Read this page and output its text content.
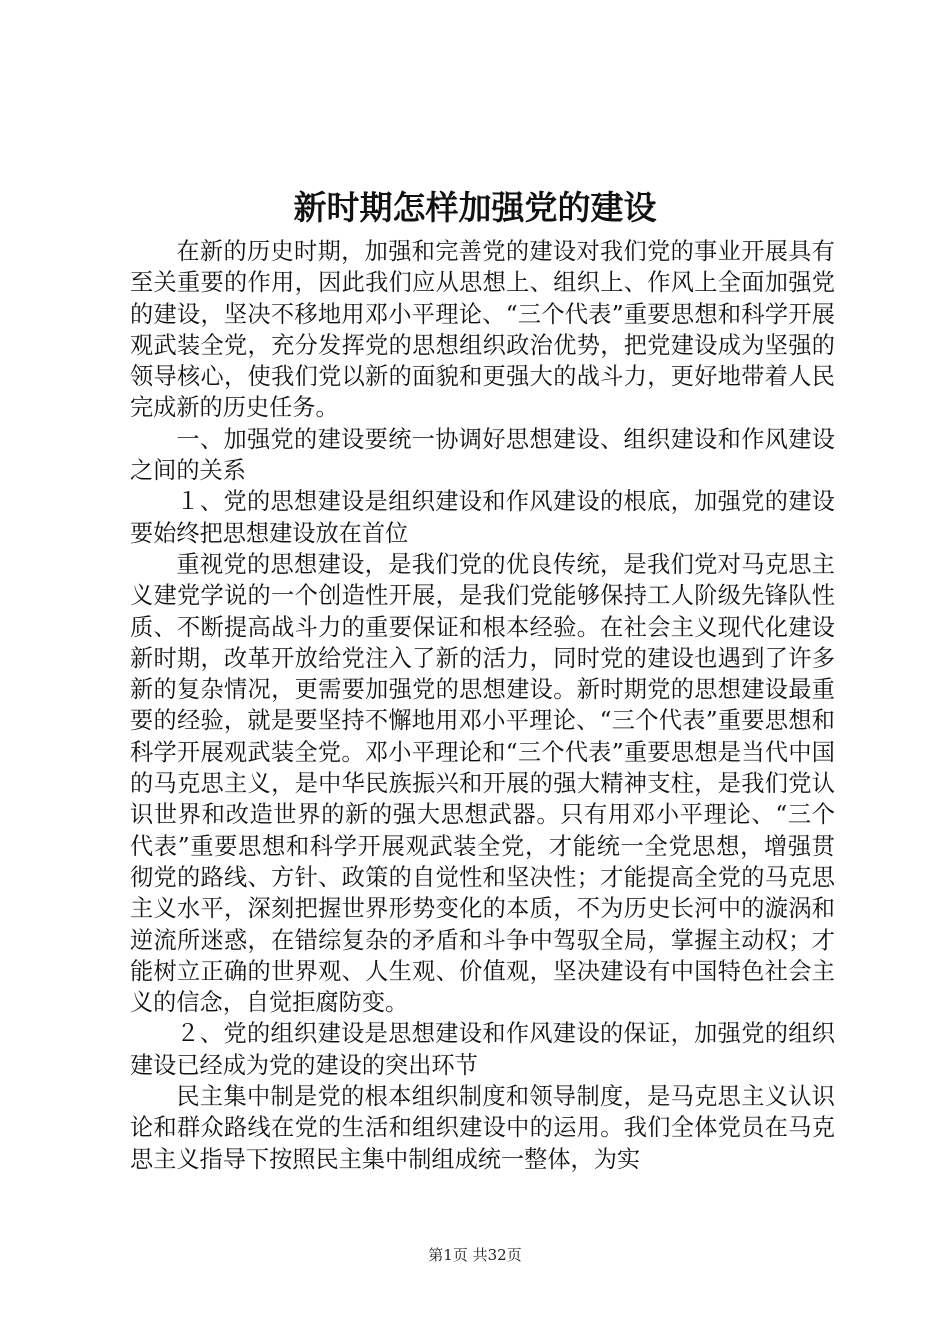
新时期怎样加强党的建设

在新的历史时期，加强和完善党的建设对我们党的事业开展具有至关重要的作用，因此我们应从思想上、组织上、作风上全面加强党的建设，坚决不移地用邓小平理论、“三个代表”重要思想和科学开展观武装全党，充分发挥党的思想组织政治优势，把党建设成为坚强的领导核心，使我们党以新的面貌和更强大的战斗力，更好地带着人民完成新的历史任务。

一、加强党的建设要统一协调好思想建设、组织建设和作风建设之间的关系

１、党的思想建设是组织建设和作风建设的根底，加强党的建设要始终把思想建设放在首位

重视党的思想建设，是我们党的优良传统，是我们党对马克思主义建党学说的一个创造性开展，是我们党能够保持工人阶级先锋队性质、不断提高战斗力的重要保证和根本经验。在社会主义现代化建设新时期，改革开放给党注入了新的活力，同时党的建设也遇到了许多新的复杂情况，更需要加强党的思想建设。新时期党的思想建设最重要的经验，就是要坚持不懈地用邓小平理论、“三个代表”重要思想和科学开展观武装全党。邓小平理论和“三个代表”重要思想是当代中国的马克思主义，是中华民族振兴和开展的强大精神支柱，是我们党认识世界和改造世界的新的强大思想武器。只有用邓小平理论、“三个代表”重要思想和科学开展观武装全党，才能统一全党思想，增强贯彻党的路线、方针、政策的自觉性和坚决性；才能提高全党的马克思主义水平，深刻把握世界形势变化的本质，不为历史长河中的漩涡和逆流所迷惑，在错综复杂的矛盾和斗争中驾驭全局，掌握主动权；才能树立正确的世界观、人生观、价值观，坚决建设有中国特色社会主义的信念，自觉拒腐防变。

２、党的组织建设是思想建设和作风建设的保证，加强党的组织建设已经成为党的建设的突出环节

民主集中制是党的根本组织制度和领导制度，是马克思主义认识论和群众路线在党的生活和组织建设中的运用。我们全体党员在马克思主义指导下按照民主集中制组成统一整体，为实

第1页 共32页
